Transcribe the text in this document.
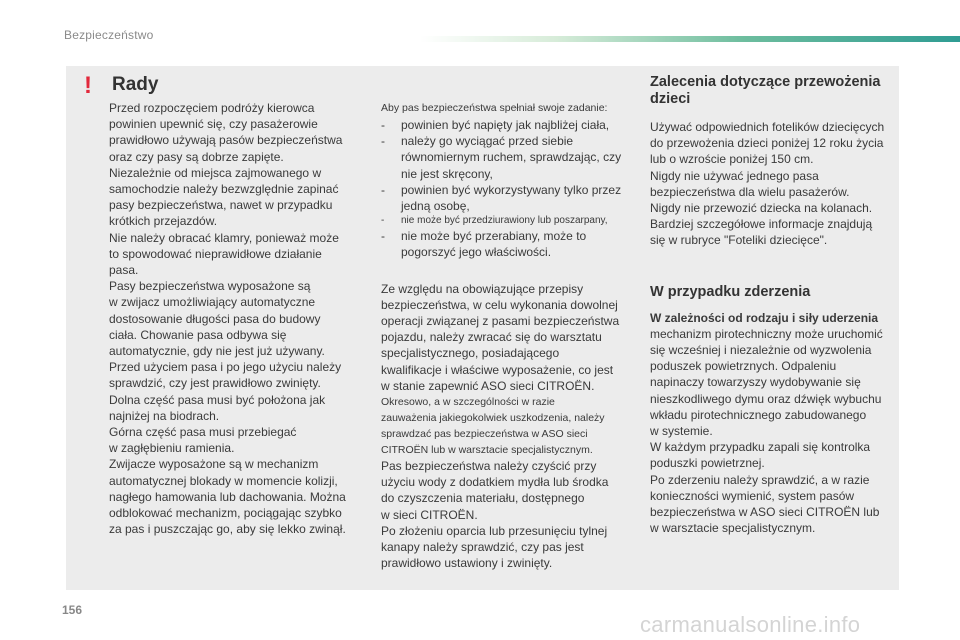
Bezpieczeństwo
! Rady
Przed rozpoczęciem podróży kierowca
powinien upewnić się, czy pasażerowie
prawidłowo używają pasów bezpieczeństwa
oraz czy pasy są dobrze zapięte.
Niezależnie od miejsca zajmowanego w
samochodzie należy bezwzględnie zapinać
pasy bezpieczeństwa, nawet w przypadku
krótkich przejazdów.
Nie należy obracać klamry, ponieważ może
to spowodować nieprawidłowe działanie
pasa.
Pasy bezpieczeństwa wyposażone są
w zwijacz umożliwiający automatyczne
dostosowanie długości pasa do budowy
ciała. Chowanie pasa odbywa się
automatycznie, gdy nie jest już używany.
Przed użyciem pasa i po jego użyciu należy
sprawdzić, czy jest prawidłowo zwinięty.
Dolna część pasa musi być położona jak
najniżej na biodrach.
Górna część pasa musi przebiegać
w zagłębieniu ramienia.
Zwijacze wyposażone są w mechanizm
automatycznej blokady w momencie kolizji,
nagłego hamowania lub dachowania. Można
odblokować mechanizm, pociągając szybko
za pas i puszczając go, aby się lekko zwinął.
Aby pas bezpieczeństwa spełniał swoje zadanie:
- powinien być napięty jak najbliżej ciała,
- należy go wyciągać przed siebie równomiernym ruchem, sprawdzając, czy nie jest skręcony,
- powinien być wykorzystywany tylko przez jedną osobę,
- nie może być przedziurawiony lub poszarpany,
- nie może być przerabiany, może to pogorszyć jego właściwości.
Ze względu na obowiązujące przepisy
bezpieczeństwa, w celu wykonania dowolnej
operacji związanej z pasami bezpieczeństwa
pojazdu, należy zwracać się do warsztatu
specjalistycznego, posiadającego
kwalifikacje i właściwe wyposażenie, co jest
w stanie zapewnić ASO sieci CITROËN.
Okresowo, a w szczególności w razie
zauważenia jakiegokolwiek uszkodzenia, należy
sprawdzać pas bezpieczeństwa w ASO sieci
CITROËN lub w warsztacie specjalistycznym.
Pas bezpieczeństwa należy czyścić przy
użyciu wody z dodatkiem mydła lub środka
do czyszczenia materiału, dostępnego
w sieci CITROËN.
Po złożeniu oparcia lub przesunięciu tylnej
kanapy należy sprawdzić, czy pas jest
prawidłowo ustawiony i zwinięty.
Zalecenia dotyczące przewożenia dzieci
Używać odpowiednich fotelików dziecięcych
do przewożenia dzieci poniżej 12 roku życia
lub o wzroście poniżej 150 cm.
Nigdy nie używać jednego pasa
bezpieczeństwa dla wielu pasażerów.
Nigdy nie przewozić dziecka na kolanach.
Bardziej szczegółowe informacje znajdują
się w rubryce "Foteliki dziecięce".
W przypadku zderzenia
W zależności od rodzaju i siły uderzenia
mechanizm pirotechniczny może uruchomić
się wcześniej i niezależnie od wyzwolenia
poduszek powietrznych. Odpaleniu
napinaczy towarzyszy wydobywanie się
nieszkodliwego dymu oraz dźwięk wybuchu
wkładu pirotechnicznego zabudowanego
w systemie.
W każdym przypadku zapali się kontrolka
poduszki powietrznej.
Po zderzeniu należy sprawdzić, a w razie
konieczności wymienić, system pasów
bezpieczeństwa w ASO sieci CITROËN lub
w warsztacie specjalistycznym.
156
carmanualsonline.info
